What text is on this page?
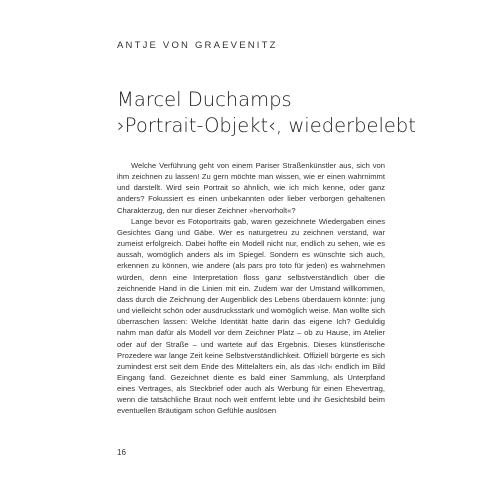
ANTJE VON GRAEVENITZ
Marcel Duchamps
›Portrait-Objekt‹, wiederbelebt

Welche Verführung geht von einem Pariser Straßenkünstler aus, sich von ihm zeichnen zu lassen! Zu gern möchte man wissen, wie er einen wahrnimmt und darstellt. Wird sein Portrait so ähnlich, wie ich mich kenne, oder ganz anders? Fokussiert es einen unbekannten oder lieber verborgen gehaltenen Charakterzug, den nur dieser Zeichner »hervorholt«?

Lange bevor es Fotoportraits gab, waren gezeichnete Wiedergaben eines Gesichtes Gang und Gäbe. Wer es naturgetreu zu zeichnen verstand, war zumeist erfolgreich. Dabei hoffte ein Modell nicht nur, endlich zu sehen, wie es aussah, womöglich anders als im Spiegel. Sondern es wünschte sich auch, erkennen zu können, wie andere (als pars pro toto für jeden) es wahrnehmen würden, denn eine Interpretation floss ganz selbstverständlich über die zeichnende Hand in die Linien mit ein. Zudem war der Umstand willkommen, dass durch die Zeichnung der Augenblick des Lebens überdauern könnte: jung und vielleicht schön oder ausdrucksstark und womöglich weise. Man wollte sich überraschen lassen: Welche Identität hatte darin das eigene Ich? Geduldig nahm man dafür als Modell vor dem Zeichner Platz – ob zu Hause, im Atelier oder auf der Straße – und wartete auf das Ergebnis. Dieses künstlerische Prozedere war lange Zeit keine Selbstverständlichkeit. Offiziell bürgerte es sich zumindest erst seit dem Ende des Mittelalters ein, als das ›Ich‹ endlich im Bild Eingang fand. Gezeichnet diente es bald einer Sammlung, als Unterpfand eines Vertrages, als Steckbrief oder auch als Werbung für einen Ehevertrag, wenn die tatsächliche Braut noch weit entfernt lebte und ihr Gesichtsbild beim eventuellen Bräutigam schon Gefühle auslösen

16
